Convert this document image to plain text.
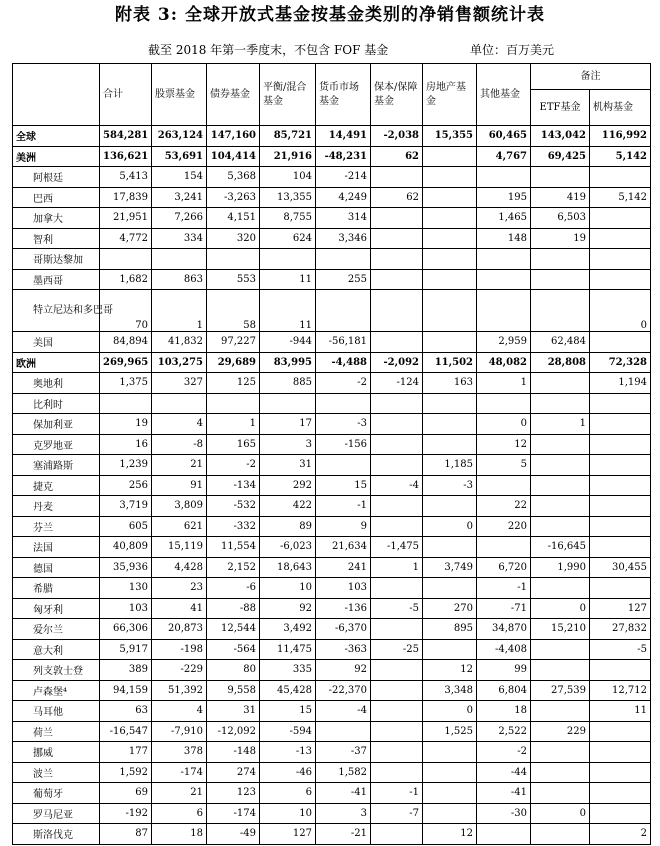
附表 3: 全球开放式基金按基金类别的净销售额统计表
截至 2018 年第一季度末，不包含 FOF 基金	单位：百万美元
	合计	股票基金	债券基金	平衡/混合基金	货币市场基金	保本/保障基金	房地产基金	其他基金	备注	
									ETF基金	机构基金
全球	584,281	263,124	147,160	85,721	14,491	-2,038	15,355	60,465	143,042	116,992
美洲	136,621	53,691	104,414	21,916	-48,231	62		4,767	69,425	5,142
阿根廷	5,413	154	5,368	104	-214					
巴西	17,839	3,241	-3,263	13,355	4,249	62		195	419	5,142
加拿大	21,951	7,266	4,151	8,755	314			1,465	6,503	
智利	4,772	334	320	624	3,346			148	19	
哥斯达黎加										
墨西哥	1,682	863	553	11	255					
特立尼达和多巴哥	70	1	58	11						0
美国	84,894	41,832	97,227	-944	-56,181			2,959	62,484	
欧洲	269,965	103,275	29,689	83,995	-4,488	-2,092	11,502	48,082	28,808	72,328
奥地利	1,375	327	125	885	-2	-124	163	1		1,194
比利时										
保加利亚	19	4	1	17	-3			0	1	
克罗地亚	16	-8	165	3	-156			12		
塞浦路斯	1,239	21	-2	31			1,185	5		
捷克	256	91	-134	292	15	-4	-3			
丹麦	3,719	3,809	-532	422	-1			22		
芬兰	605	621	-332	89	9		0	220		
法国	40,809	15,119	11,554	-6,023	21,634	-1,475			-16,645	
德国	35,936	4,428	2,152	18,643	241	1	3,749	6,720	1,990	30,455
希腊	130	23	-6	10	103			-1		
匈牙利	103	41	-88	92	-136	-5	270	-71	0	127
爱尔兰	66,306	20,873	12,544	3,492	-6,370		895	34,870	15,210	27,832
意大利	5,917	-198	-564	11,475	-363	-25		-4,408		-5
列支敦士登	389	-229	80	335	92		12	99		
卢森堡⁴	94,159	51,392	9,558	45,428	-22,370		3,348	6,804	27,539	12,712
马耳他	63	4	31	15	-4		0	18		11
荷兰	-16,547	-7,910	-12,092	-594			1,525	2,522	229	
挪威	177	378	-148	-13	-37			-2		
波兰	1,592	-174	274	-46	1,582			-44		
葡萄牙	69	21	123	6	-41	-1		-41		
罗马尼亚	-192	6	-174	10	3	-7		-30	0	
斯洛伐克	87	18	-49	127	-21		12			2
